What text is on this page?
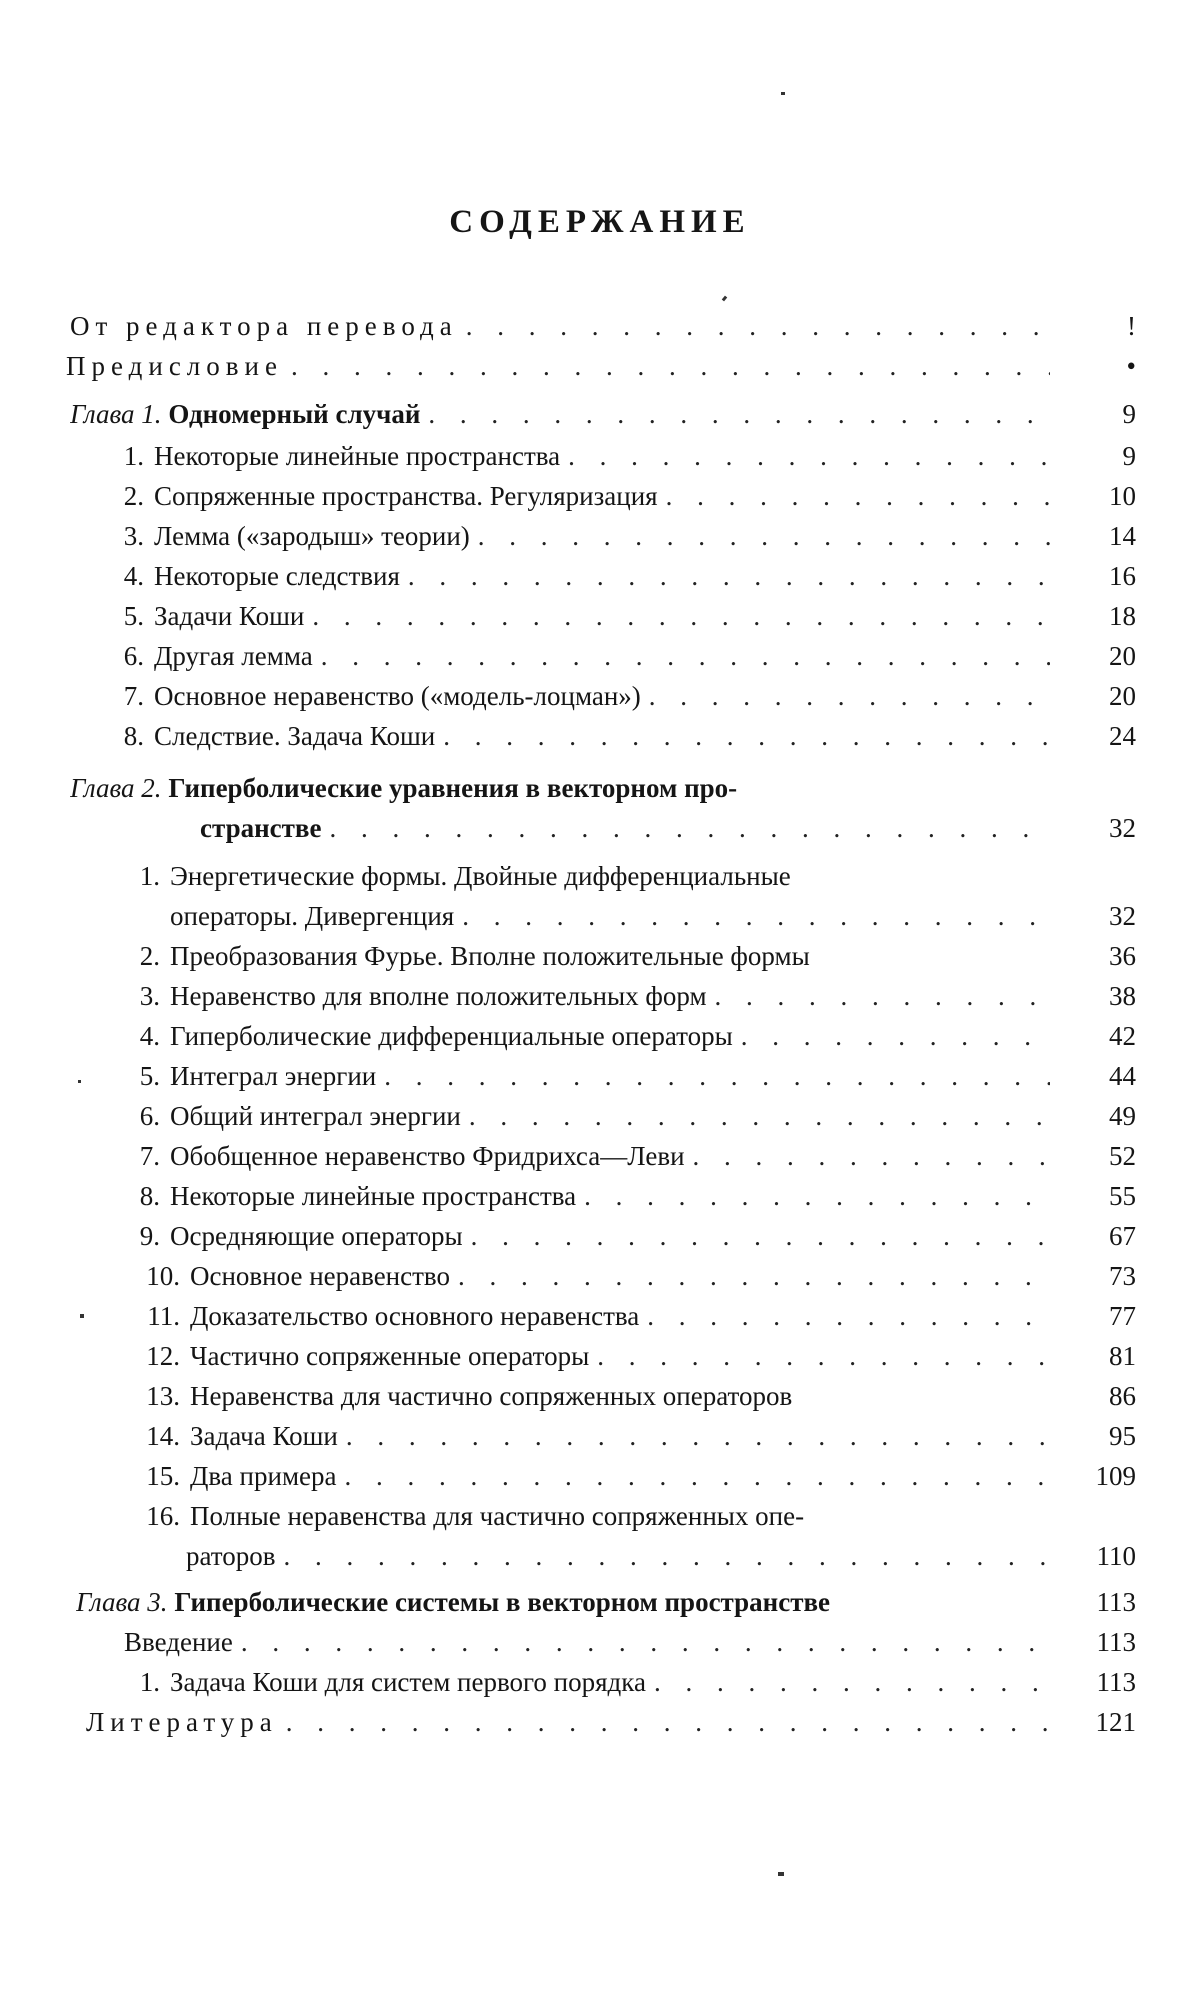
СОДЕРЖАНИЕ
От редактора перевода . . .	!
Предисловие . . .	•
Глава 1. Одномерный случай . . .	9
1. Некоторые линейные пространства . . .	9
2. Сопряженные пространства. Регуляризация . . .	10
3. Лемма («зародыш» теории) . . .	14
4. Некоторые следствия . . .	16
5. Задачи Коши . . .	18
6. Другая лемма . . .	20
7. Основное неравенство («модель-лоцман») . . .	20
8. Следствие. Задача Коши . . .	24
Глава 2. Гиперболические уравнения в векторном про-
странстве . . .	32
1. Энергетические формы. Двойные дифференциальные
операторы. Дивергенция . . .	32
2. Преобразования Фурье. Вполне положительные формы	36
3. Неравенство для вполне положительных форм . . .	38
4. Гиперболические дифференциальные операторы . . .	42
5. Интеграл энергии . . .	44
6. Общий интеграл энергии . . .	49
7. Обобщенное неравенство Фридрихса—Леви . . .	52
8. Некоторые линейные пространства . . .	55
9. Осредняющие операторы . . .	67
10. Основное неравенство . . .	73
11. Доказательство основного неравенства . . .	77
12. Частично сопряженные операторы . . .	81
13. Неравенства для частично сопряженных операторов	86
14. Задача Коши . . .	95
15. Два примера . . .	109
16. Полные неравенства для частично сопряженных опе-
раторов . . .	110
Глава 3. Гиперболические системы в векторном пространстве	113
Введение . . .	113
1. Задача Коши для систем первого порядка . . .	113
Литература . . .	121
